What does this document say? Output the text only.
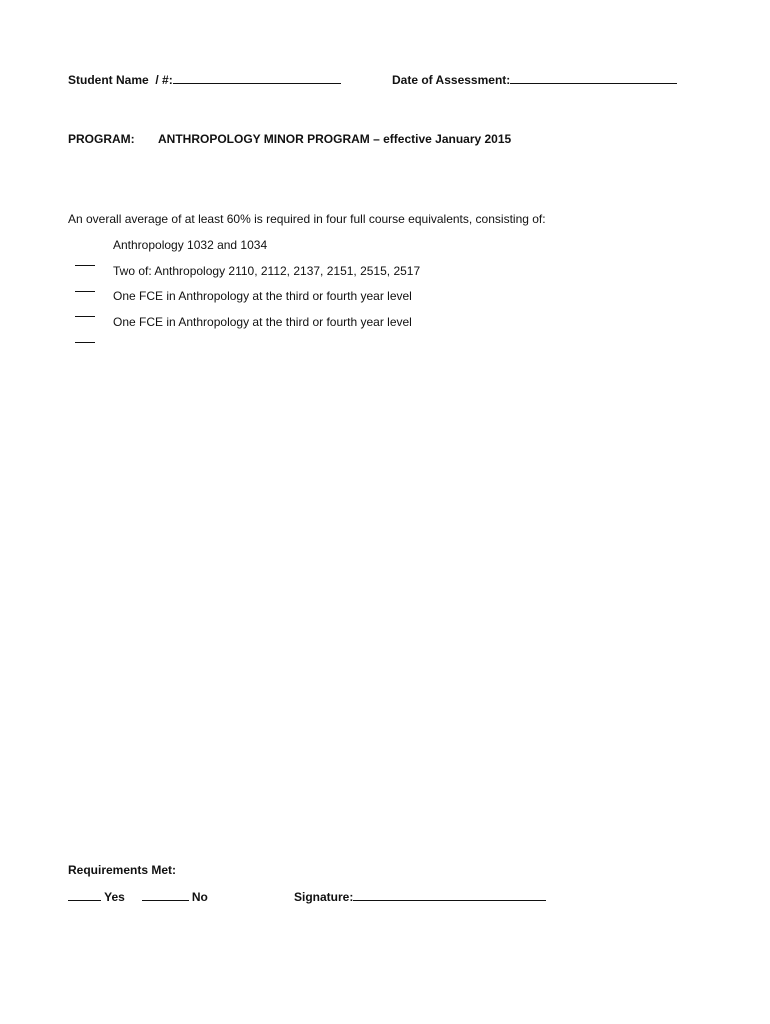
Student Name  / #:	Date of Assessment:
PROGRAM: ANTHROPOLOGY MINOR PROGRAM – effective January 2015
An overall average of at least 60% is required in four full course equivalents, consisting of:

Anthropology 1032 and 1034

Two of: Anthropology 2110, 2112, 2137, 2151, 2515, 2517

One FCE in Anthropology at the third or fourth year level

One FCE in Anthropology at the third or fourth year level

Requirements Met:
Yes	No	Signature:
